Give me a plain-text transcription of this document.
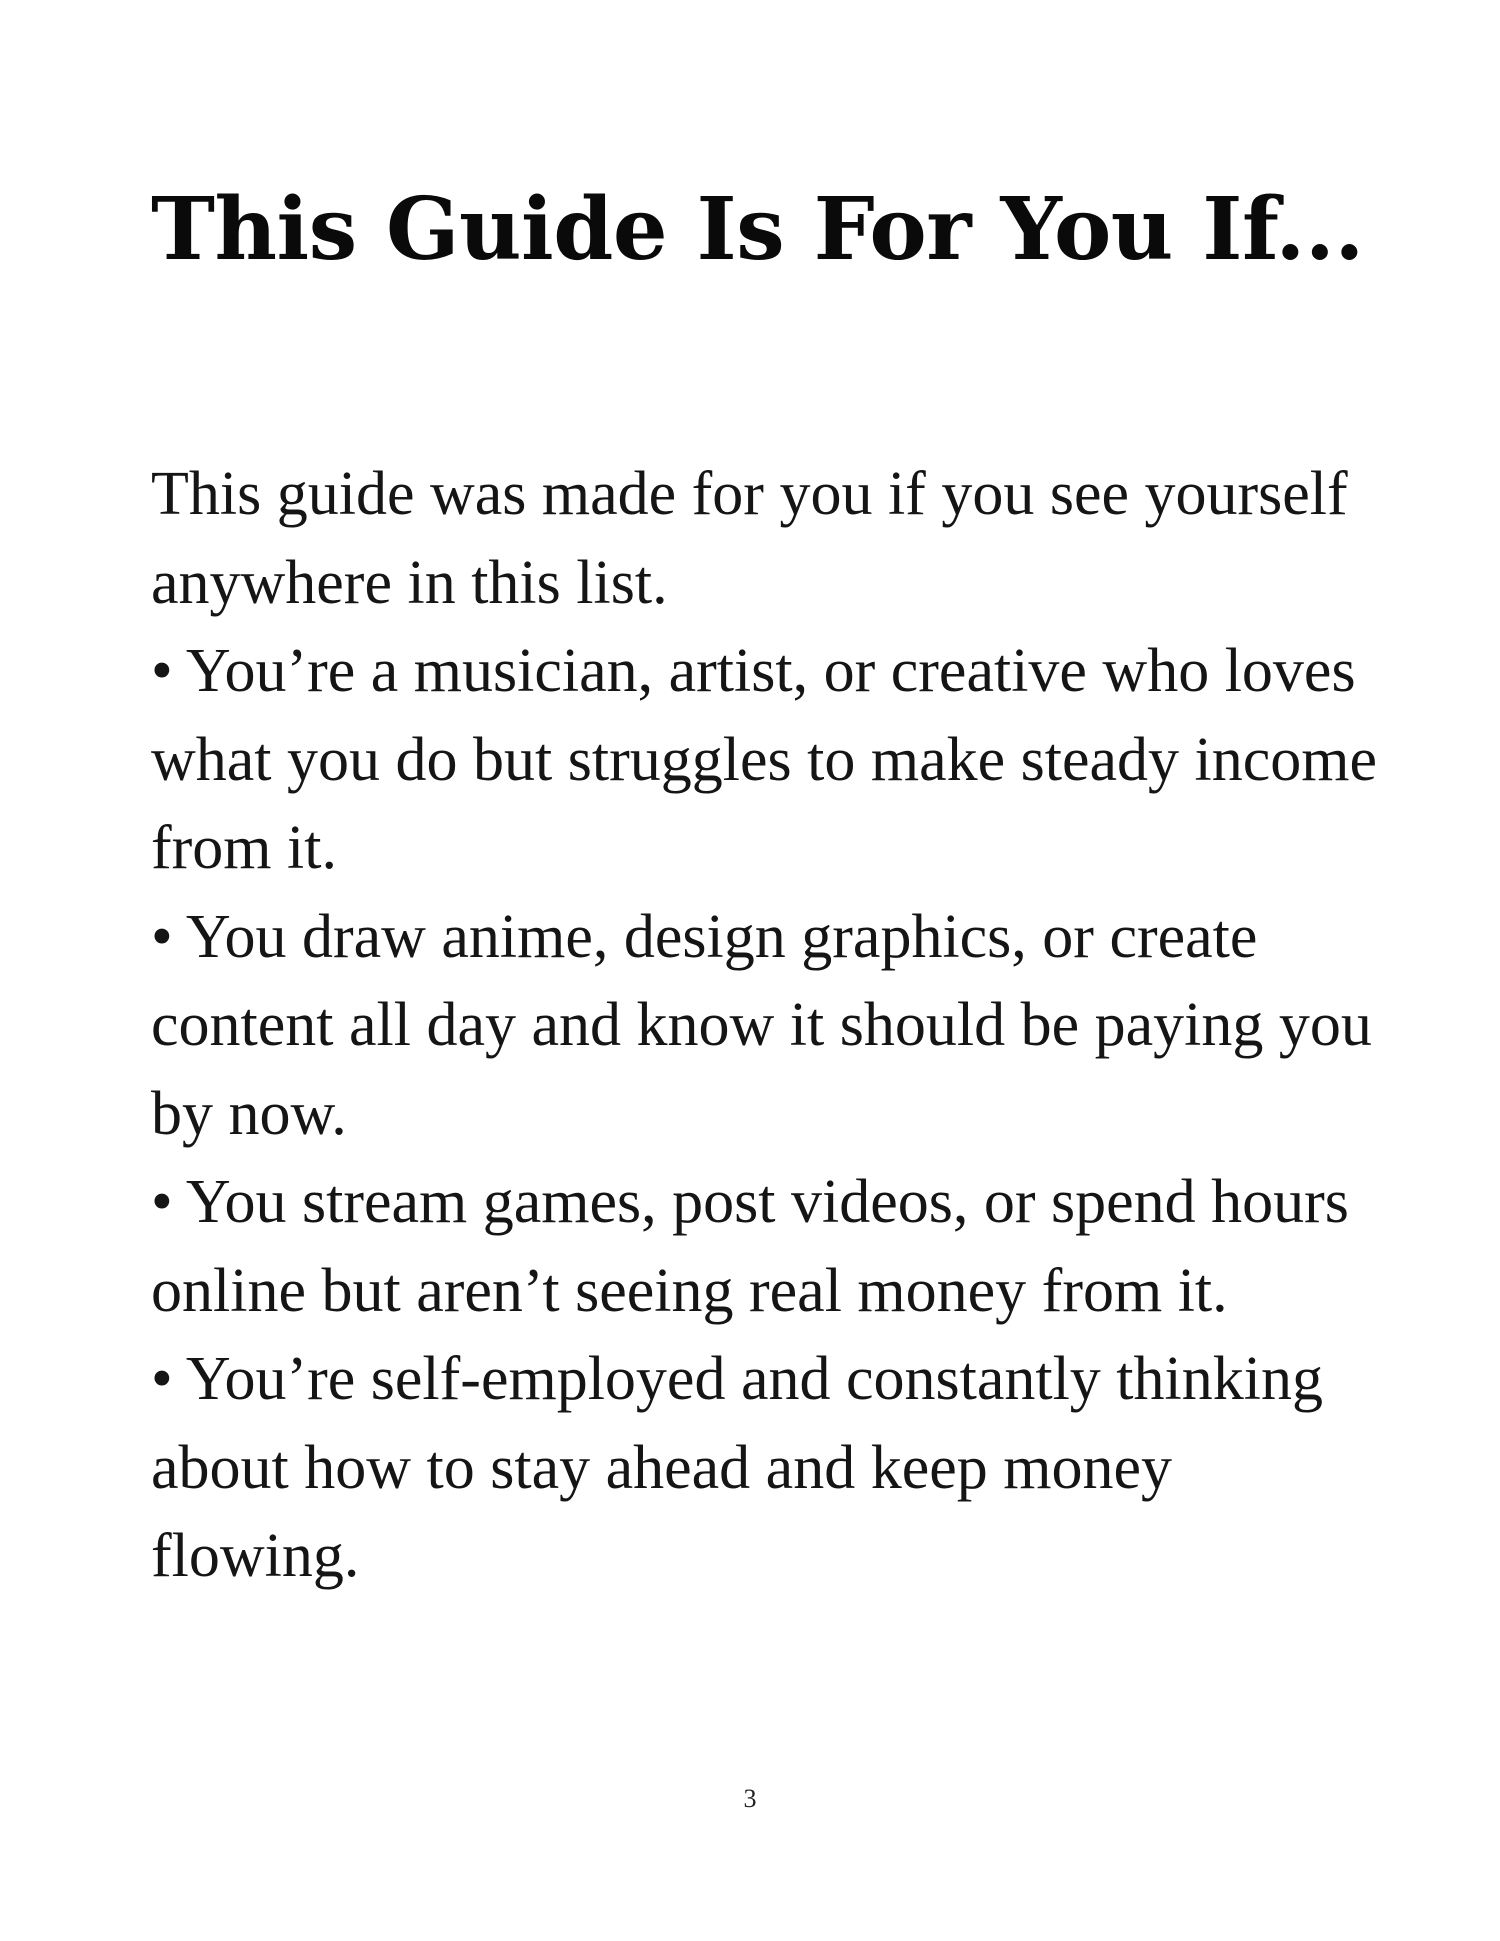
This Guide Is For You If...

This guide was made for you if you see yourself anywhere in this list.

• You’re a musician, artist, or creative who loves what you do but struggles to make steady income from it.

• You draw anime, design graphics, or create content all day and know it should be paying you by now.

• You stream games, post videos, or spend hours online but aren’t seeing real money from it.

• You’re self-employed and constantly thinking about how to stay ahead and keep money flowing.

3
